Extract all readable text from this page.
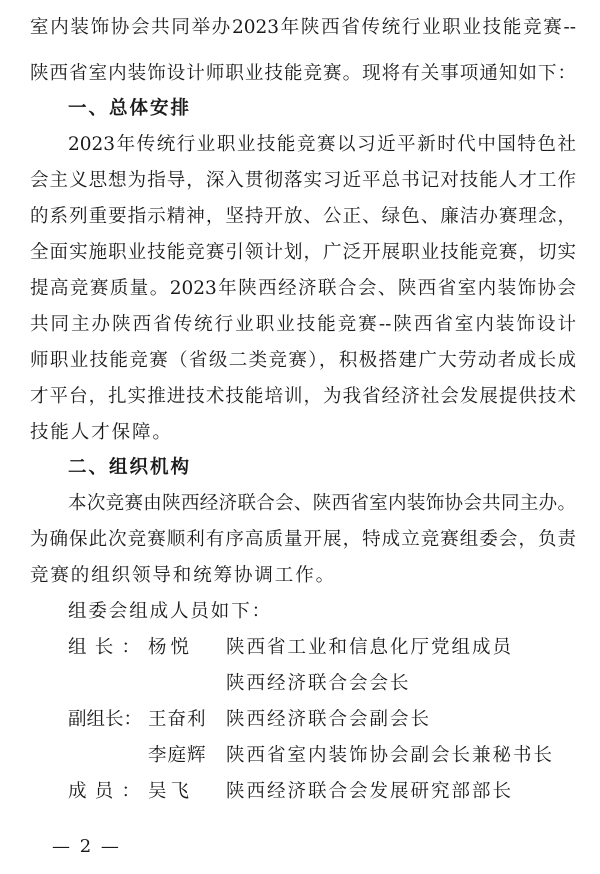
室内装饰协会共同举办2023年陕西省传统行业职业技能竞赛--
陕西省室内装饰设计师职业技能竞赛。现将有关事项通知如下：
一、总体安排
2023年传统行业职业技能竞赛以习近平新时代中国特色社
会主义思想为指导，深入贯彻落实习近平总书记对技能人才工作
的系列重要指示精神，坚持开放、公正、绿色、廉洁办赛理念，
全面实施职业技能竞赛引领计划，广泛开展职业技能竞赛，切实
提高竞赛质量。2023年陕西经济联合会、陕西省室内装饰协会
共同主办陕西省传统行业职业技能竞赛--陕西省室内装饰设计
师职业技能竞赛（省级二类竞赛），积极搭建广大劳动者成长成
才平台，扎实推进技术技能培训，为我省经济社会发展提供技术
技能人才保障。
二、组织机构
本次竞赛由陕西经济联合会、陕西省室内装饰协会共同主办。
为确保此次竞赛顺利有序高质量开展，特成立竞赛组委会，负责
竞赛的组织领导和统筹协调工作。
组委会组成人员如下：
组长： 杨悦 陕西省工业和信息化厅党组成员
陕西经济联合会会长
副组长： 王奋利 陕西经济联合会副会长
李庭辉 陕西省室内装饰协会副会长兼秘书长
成员： 吴飞 陕西经济联合会发展研究部部长
— 2 —
